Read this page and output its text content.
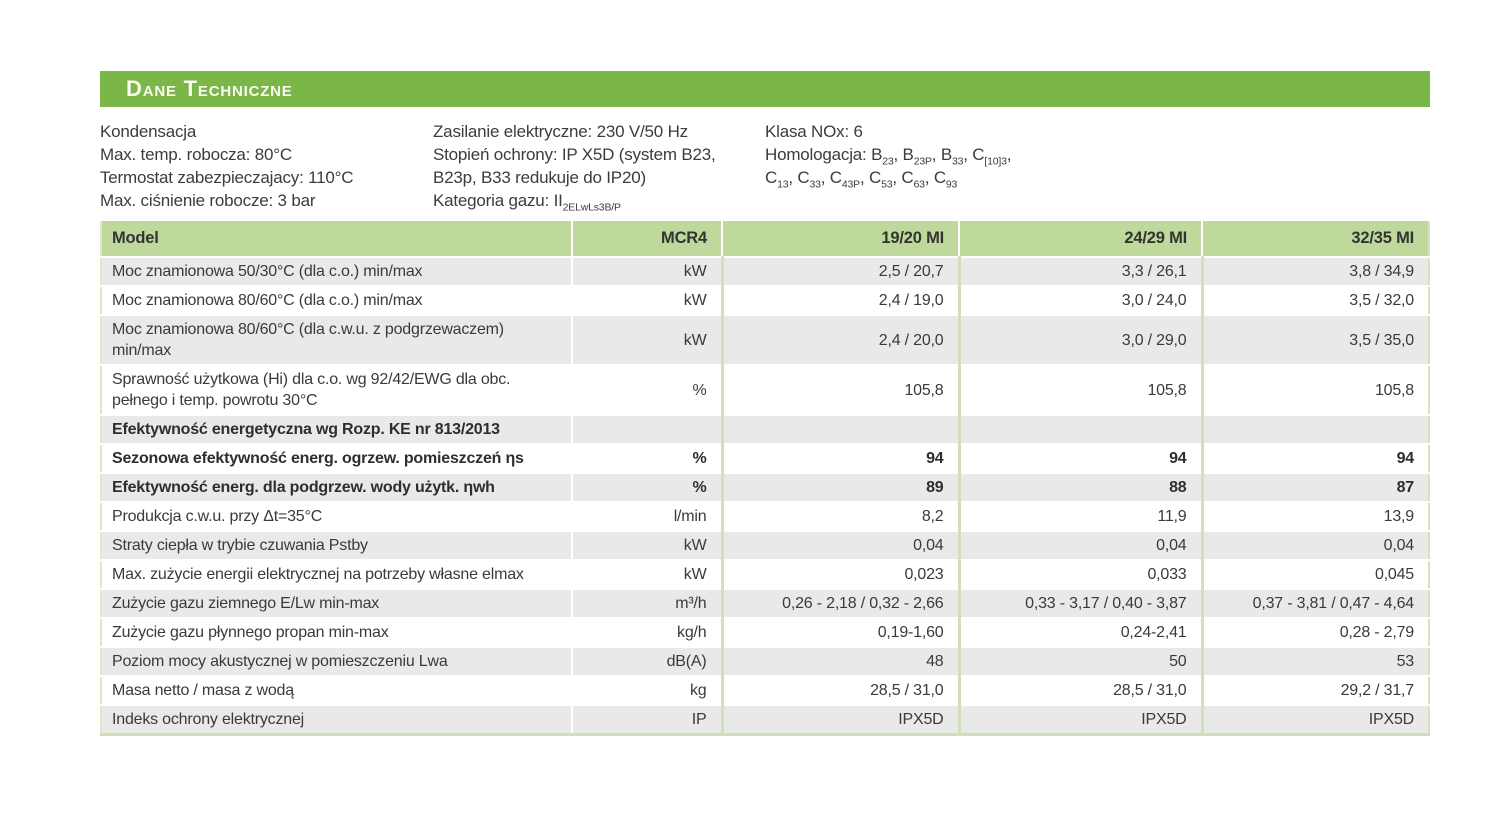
Dane Techniczne
Kondensacja
Max. temp. robocza: 80°C
Termostat zabezpieczajacy: 110°C
Max. ciśnienie robocze: 3 bar
Zasilanie elektryczne: 230 V/50 Hz
Stopień ochrony: IP X5D (system B23,
B23p, B33 redukuje do IP20)
Kategoria gazu: $II_{2ELwLs3B/P}$
Klasa NOx: 6
Homologacja: $B_{23}$, $B_{23P}$, $B_{33}$, $C_{[10]3}$,
$C_{13}$, $C_{33}$, $C_{43P}$, $C_{53}$, $C_{63}$, $C_{93}$
Model	MCR4	19/20 MI	24/29 MI	32/35 MI
Moc znamionowa 50/30°C (dla c.o.) min/max	kW	2,5 / 20,7	3,3 / 26,1	3,8 / 34,9
Moc znamionowa 80/60°C (dla c.o.) min/max	kW	2,4 / 19,0	3,0 / 24,0	3,5 / 32,0
Moc znamionowa 80/60°C (dla c.w.u. z podgrzewaczem) min/max	kW	2,4 / 20,0	3,0 / 29,0	3,5 / 35,0
Sprawność użytkowa (Hi) dla c.o. wg 92/42/EWG dla obc. pełnego i temp. powrotu 30°C	%	105,8	105,8	105,8
Efektywność energetyczna wg Rozp. KE nr 813/2013				
Sezonowa efektywność energ. ogrzew. pomieszczeń ηs	%	94	94	94
Efektywność energ. dla podgrzew. wody użytk. ηwh	%	89	88	87
Produkcja c.w.u. przy Δt=35°C	l/min	8,2	11,9	13,9
Straty ciepła w trybie czuwania Pstby	kW	0,04	0,04	0,04
Max. zużycie energii elektrycznej na potrzeby własne elmax	kW	0,023	0,033	0,045
Zużycie gazu ziemnego E/Lw min-max	m³/h	0,26 - 2,18 / 0,32 - 2,66	0,33 - 3,17 / 0,40 - 3,87	0,37 - 3,81 / 0,47 - 4,64
Zużycie gazu płynnego propan min-max	kg/h	0,19-1,60	0,24-2,41	0,28 - 2,79
Poziom mocy akustycznej w pomieszczeniu Lwa	dB(A)	48	50	53
Masa netto / masa z wodą	kg	28,5 / 31,0	28,5 / 31,0	29,2 / 31,7
Indeks ochrony elektrycznej	IP	IPX5D	IPX5D	IPX5D
